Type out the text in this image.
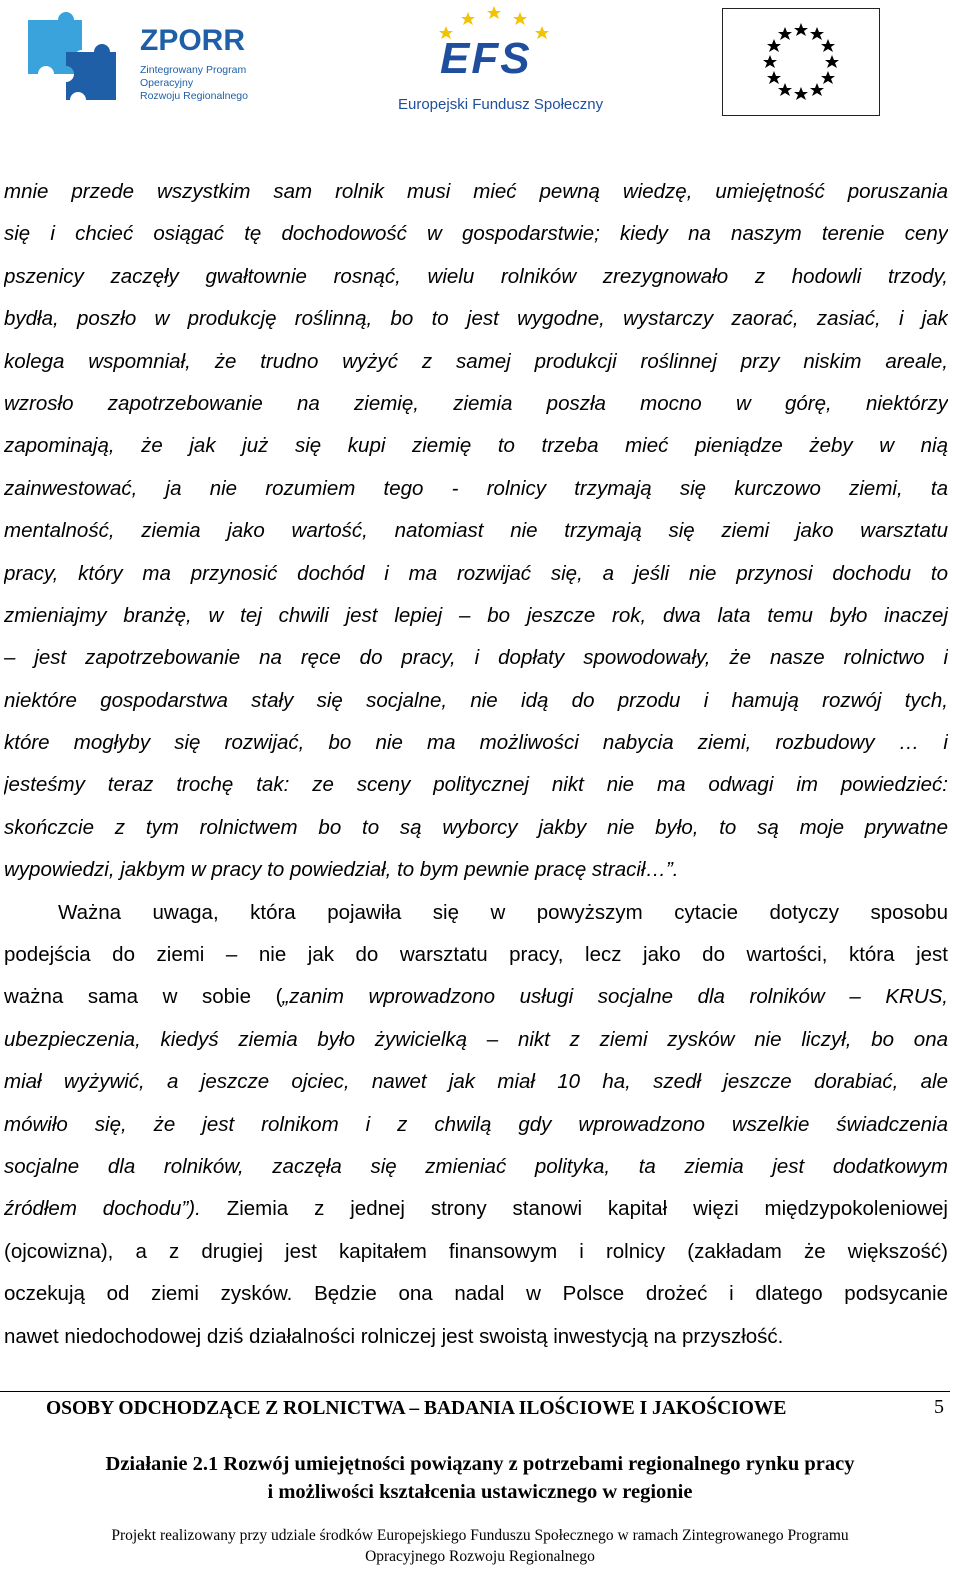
ZPORR
Zintegrowany Program
Operacyjny
Rozwoju Regionalnego
EFS
Europejski Fundusz Społeczny
mnie przede wszystkim sam rolnik musi mieć pewną wiedzę, umiejętność poruszania
się i chcieć osiągać tę dochodowość w gospodarstwie; kiedy na naszym terenie ceny
pszenicy zaczęły gwałtownie rosnąć, wielu rolników zrezygnowało z hodowli trzody,
bydła, poszło w produkcję roślinną, bo to jest wygodne, wystarczy zaorać, zasiać, i jak
kolega wspomniał, że trudno wyżyć z samej produkcji roślinnej przy niskim areale,
wzrosło zapotrzebowanie na ziemię, ziemia poszła mocno w górę, niektórzy
zapominają, że jak już się kupi ziemię to trzeba mieć pieniądze żeby w nią
zainwestować, ja nie rozumiem tego - rolnicy trzymają się kurczowo ziemi, ta
mentalność, ziemia jako wartość, natomiast nie trzymają się ziemi jako warsztatu
pracy, który ma przynosić dochód i ma rozwijać się, a jeśli nie przynosi dochodu to
zmieniajmy branżę, w tej chwili jest lepiej – bo jeszcze rok, dwa lata temu było inaczej
– jest zapotrzebowanie na ręce do pracy, i dopłaty spowodowały, że nasze rolnictwo i
niektóre gospodarstwa stały się socjalne, nie idą do przodu i hamują rozwój tych,
które mogłyby się rozwijać, bo nie ma możliwości nabycia ziemi, rozbudowy … i
jesteśmy teraz trochę tak: ze sceny politycznej nikt nie ma odwagi im powiedzieć:
skończcie z tym rolnictwem bo to są wyborcy jakby nie było, to są moje prywatne
wypowiedzi, jakbym w pracy to powiedział, to bym pewnie pracę stracił…”.
Ważna uwaga, która pojawiła się w powyższym cytacie dotyczy sposobu
podejścia do ziemi – nie jak do warsztatu pracy, lecz jako do wartości, która jest
ważna sama w sobie („zanim wprowadzono usługi socjalne dla rolników – KRUS,
ubezpieczenia, kiedyś ziemia było żywicielką – nikt z ziemi zysków nie liczył, bo ona
miał wyżywić, a jeszcze ojciec, nawet jak miał 10 ha, szedł jeszcze dorabiać, ale
mówiło się, że jest rolnikom i z chwilą gdy wprowadzono wszelkie świadczenia
socjalne dla rolników, zaczęła się zmieniać polityka, ta ziemia jest dodatkowym
źródłem dochodu”). Ziemia z jednej strony stanowi kapitał więzi międzypokoleniowej
(ojcowizna), a z drugiej jest kapitałem finansowym i rolnicy (zakładam że większość)
oczekują od ziemi zysków. Będzie ona nadal w Polsce drożeć i dlatego podsycanie
nawet niedochodowej dziś działalności rolniczej jest swoistą inwestycją na przyszłość.
OSOBY ODCHODZĄCE Z ROLNICTWA – BADANIA ILOŚCIOWE I JAKOŚCIOWE	5
Działanie 2.1 Rozwój umiejętności powiązany z potrzebami regionalnego rynku pracy
i możliwości kształcenia ustawicznego w regionie
Projekt realizowany przy udziale środków Europejskiego Funduszu Społecznego w ramach Zintegrowanego Programu
Opracyjnego Rozwoju Regionalnego
